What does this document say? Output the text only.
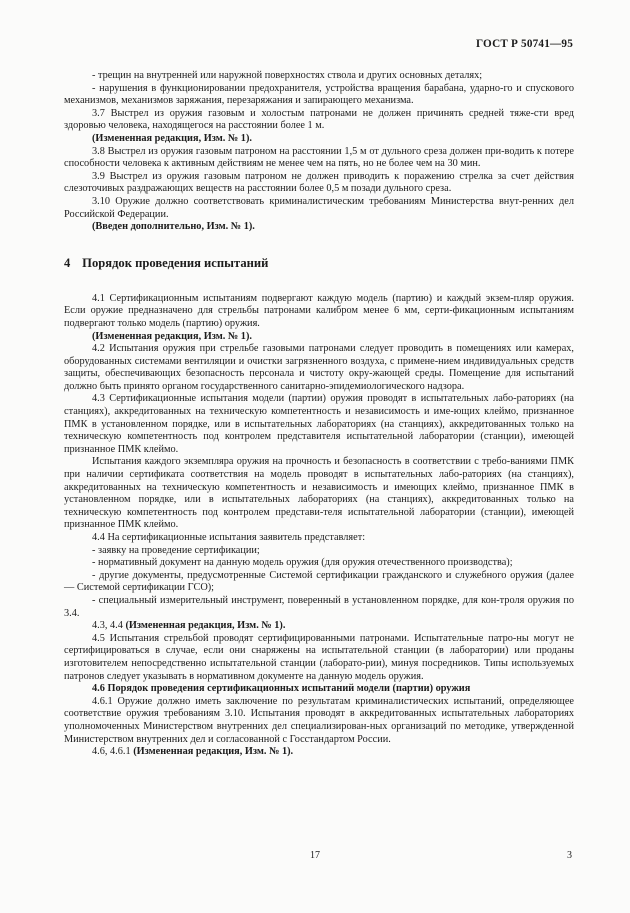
ГОСТ Р 50741—95

- трещин на внутренней или наружной поверхностях ствола и других основных деталях;

- нарушения в функционировании предохранителя, устройства вращения барабана, ударно-го и спускового механизмов, механизмов заряжания, перезаряжания и запирающего механизма.

3.7 Выстрел из оружия газовым и холостым патронами не должен причинять средней тяже-сти вред здоровью человека, находящегося на расстоянии более 1 м.

(Измененная редакция, Изм. № 1).

3.8 Выстрел из оружия газовым патроном на расстоянии 1,5 м от дульного среза должен при-водить к потере способности человека к активным действиям не менее чем на пять, но не более чем на 30 мин.

3.9 Выстрел из оружия газовым патроном не должен приводить к поражению стрелка за счет действия слезоточивых раздражающих веществ на расстоянии более 0,5 м позади дульного среза.

3.10 Оружие должно соответствовать криминалистическим требованиям Министерства внут-ренних дел Российской Федерации.

(Введен дополнительно, Изм. № 1).

4 Порядок проведения испытаний

4.1 Сертификационным испытаниям подвергают каждую модель (партию) и каждый экзем-пляр оружия. Если оружие предназначено для стрельбы патронами калибром менее 6 мм, серти-фикационным испытаниям подвергают только модель (партию) оружия.

(Измененная редакция, Изм. № 1).

4.2 Испытания оружия при стрельбе газовыми патронами следует проводить в помещениях или камерах, оборудованных системами вентиляции и очистки загрязненного воздуха, с примене-нием индивидуальных средств защиты, обеспечивающих безопасность персонала и чистоту окру-жающей среды. Помещение для испытаний должно быть принято органом государственного санитарно-эпидемиологического надзора.

4.3 Сертификационные испытания модели (партии) оружия проводят в испытательных лабо-раториях (на станциях), аккредитованных на техническую компетентность и независимость и име-ющих клеймо, признанное ПМК в установленном порядке, или в испытательных лабораториях (на станциях), аккредитованных только на техническую компетентность под контролем представителя испытательной лаборатории (станции), имеющей признанное ПМК клеймо.

Испытания каждого экземпляра оружия на прочность и безопасность в соответствии с требо-ваниями ПМК при наличии сертификата соответствия на модель проводят в испытательных лабо-раториях (на станциях), аккредитованных на техническую компетентность и независимость и имеющих клеймо, признанное ПМК в установленном порядке, или в испытательных лабораториях (на станциях), аккредитованных только на техническую компетентность под контролем представи-теля испытательной лаборатории (станции), имеющей признанное ПМК клеймо.

4.4 На сертификационные испытания заявитель представляет:

- заявку на проведение сертификации;

- нормативный документ на данную модель оружия (для оружия отечественного производства);

- другие документы, предусмотренные Системой сертификации гражданского и служебного оружия (далее — Системой сертификации ГСО);

- специальный измерительный инструмент, поверенный в установленном порядке, для кон-троля оружия по 3.4.

4.3, 4.4 (Измененная редакция, Изм. № 1).

4.5 Испытания стрельбой проводят сертифицированными патронами. Испытательные патро-ны могут не сертифицироваться в случае, если они снаряжены на испытательной станции (в лаборатории) или проданы изготовителем непосредственно испытательной станции (лаборато-рии), минуя посредников. Типы используемых патронов следует указывать в нормативном документе на данную модель оружия.

4.6 Порядок проведения сертификационных испытаний модели (партии) оружия

4.6.1 Оружие должно иметь заключение по результатам криминалистических испытаний, определяющее соответствие оружия требованиям 3.10. Испытания проводят в аккредитованных испытательных лабораториях уполномоченных Министерством внутренних дел специализирован-ных организаций по методике, утвержденной Министерством внутренних дел и согласованной с Госстандартом России.

4.6, 4.6.1 (Измененная редакция, Изм. № 1).

17	3
